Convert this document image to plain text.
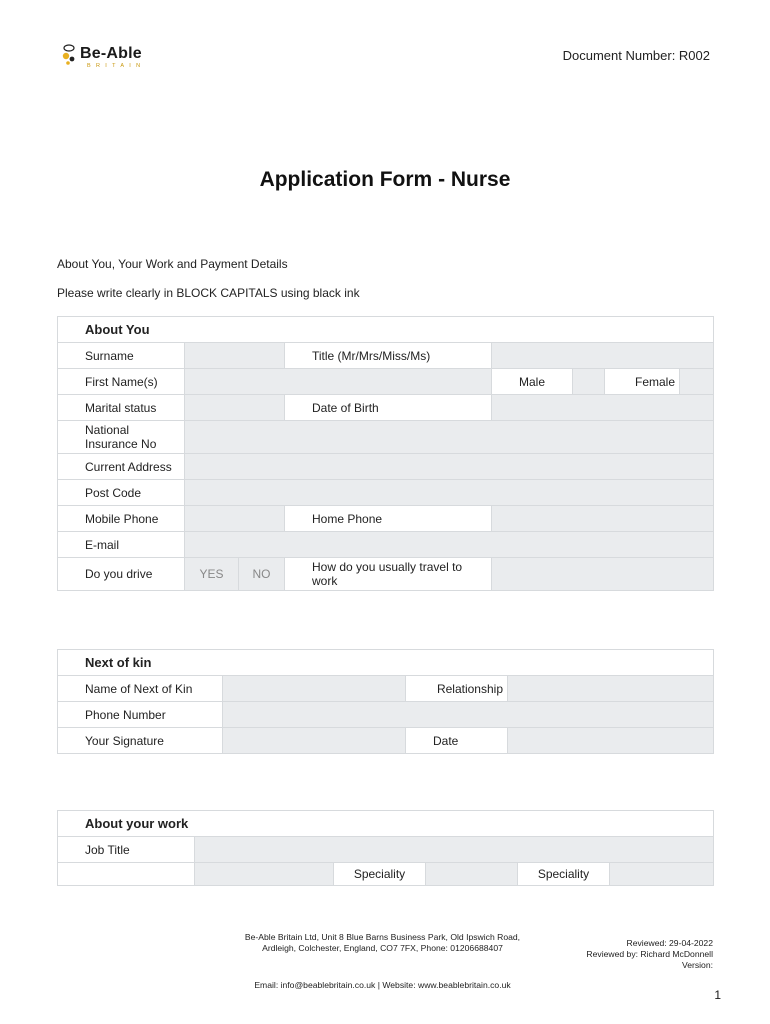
Be-Able
BRITAIN
Document Number: R002
Application Form - Nurse
About You, Your Work and Payment Details
Please write clearly in BLOCK CAPITALS using black ink
About You							
Surname			Title (Mr/Mrs/Miss/Ms)				
First Name(s)				Male		Female	
Marital status			Date of Birth				
National Insurance No							
Current Address							
Post Code							
Mobile Phone			Home Phone				
E-mail							
Do you drive	YES	NO	How do you usually travel to work				
Next of kin			
Name of Next of Kin		Relationship	
Phone Number			
Your Signature		Date	
About your work					
Job Title					
		Speciality		Speciality	
Be-Able Britain Ltd, Unit 8 Blue Barns Business Park, Old Ipswich Road, Ardleigh, Colchester, England, CO7 7FX, Phone: 01206688407
Email: info@beablebritain.co.uk | Website: www.beablebritain.co.uk
Reviewed: 29-04-2022
Reviewed by: Richard McDonnell
Version:
1
